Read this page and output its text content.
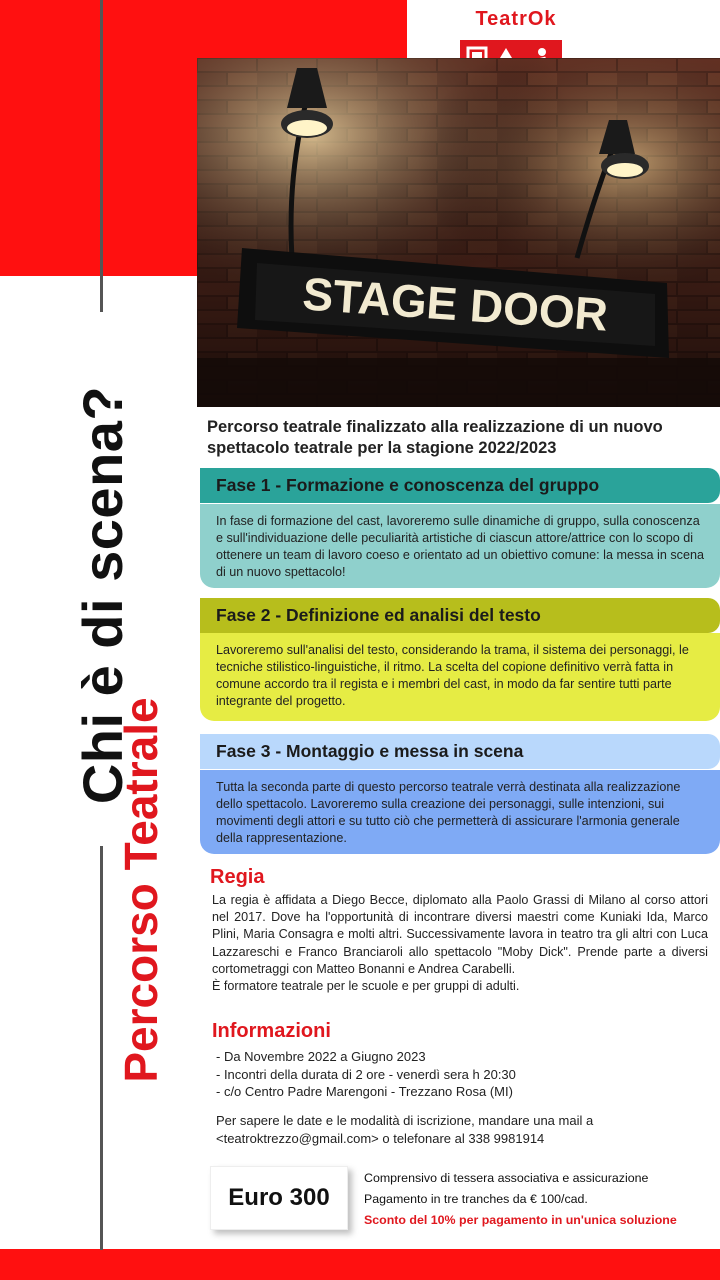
Chi è di scena?
Percorso Teatrale
TeatrOk
STAGE DOOR
Percorso teatrale finalizzato alla realizzazione di un nuovo spettacolo teatrale per la stagione 2022/2023
Fase 1 - Formazione e conoscenza del gruppo
In fase di formazione del cast, lavoreremo sulle dinamiche di gruppo, sulla conoscenza e sull'individuazione delle peculiarità artistiche di ciascun attore/attrice con lo scopo di ottenere un team di lavoro coeso e orientato ad un obiettivo comune: la messa in scena di un nuovo spettacolo!
Fase 2 - Definizione ed analisi del testo
Lavoreremo sull'analisi del testo, considerando la trama, il sistema dei personaggi, le tecniche stilistico-linguistiche, il ritmo. La scelta del copione definitivo verrà fatta in comune accordo tra il regista e i membri del cast, in modo da far sentire tutti parte integrante del progetto.
Fase 3 - Montaggio e messa in scena
Tutta la seconda parte di questo percorso teatrale verrà destinata alla realizzazione dello spettacolo. Lavoreremo sulla creazione dei personaggi, sulle intenzioni, sui movimenti degli attori e su tutto ciò che permetterà di assicurare l'armonia generale della rappresentazione.
Regia
La regia è affidata a Diego Becce, diplomato alla Paolo Grassi di Milano al corso attori nel 2017. Dove ha l'opportunità di incontrare diversi maestri come Kuniaki Ida, Marco Plini, Maria Consagra e molti altri. Successivamente lavora in teatro tra gli altri con Luca Lazzareschi e Franco Branciaroli allo spettacolo "Moby Dick". Prende parte a diversi cortometraggi con Matteo Bonanni e Andrea Carabelli.
È formatore teatrale per le scuole e per gruppi di adulti.
Informazioni
- Da Novembre 2022 a Giugno 2023
- Incontri della durata di 2 ore - venerdì sera h 20:30
- c/o Centro Padre Marengoni - Trezzano Rosa (MI)
Per sapere le date e le modalità di iscrizione, mandare una mail a <teatroktrezzo@gmail.com> o telefonare al 338 9981914
Euro 300
Comprensivo di tessera associativa e assicurazione
Pagamento in tre tranches da € 100/cad.
Sconto del 10% per pagamento in un'unica soluzione
